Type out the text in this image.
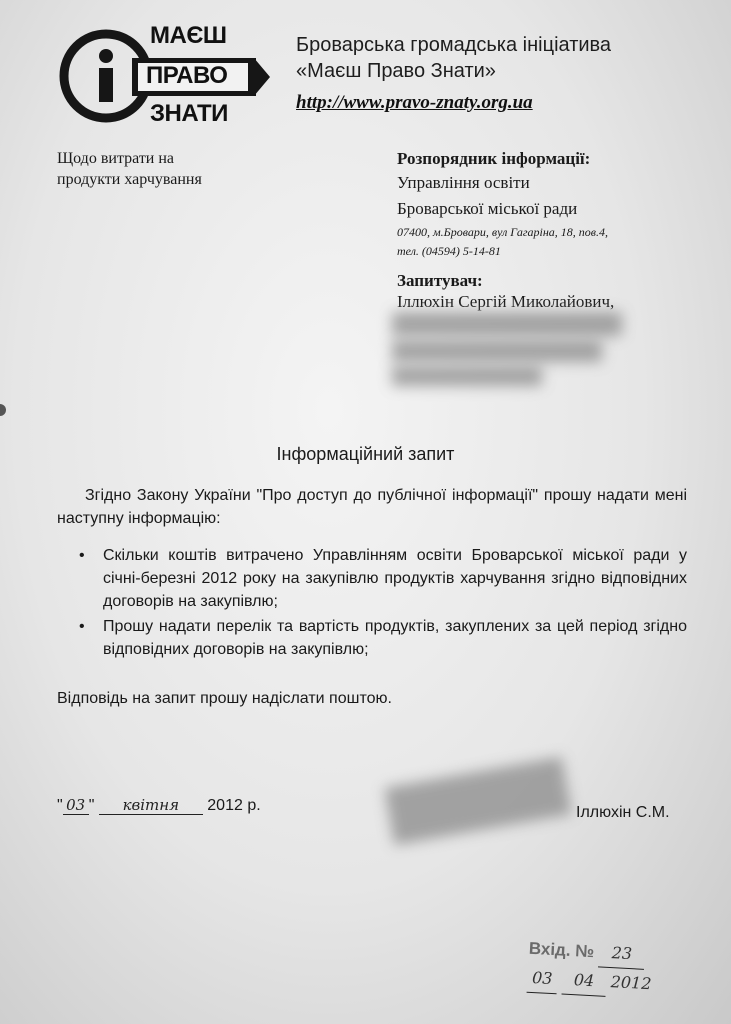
МАЄШ
ПРАВО
ЗНАТИ
Броварська громадська ініціатива
«Маєш Право Знати»
http://www.pravo-znaty.org.ua
Щодо витрати на
продукти харчування
Розпорядник інформації:
Управління освіти
Броварської міської ради
07400, м.Бровари, вул Гагаріна, 18, пов.4,
тел. (04594) 5-14-81
Запитувач:
Іллюхін Сергій Миколайович,
Інформаційний запит
Згідно Закону України "Про доступ до публічної інформації" прошу надати мені наступну інформацію:
• Скільки коштів витрачено Управлінням освіти Броварської міської ради у січні-березні 2012 року на закупівлю продуктів харчування згідно відповідних договорів на закупівлю;
• Прошу надати перелік та вартість продуктів, закуплених за цей період згідно відповідних договорів на закупівлю;
Відповідь на запит прошу надіслати поштою.
" 03 " квітня 2012 р.	Іллюхін С.М.
Вхід. № 23
03 04 2012
